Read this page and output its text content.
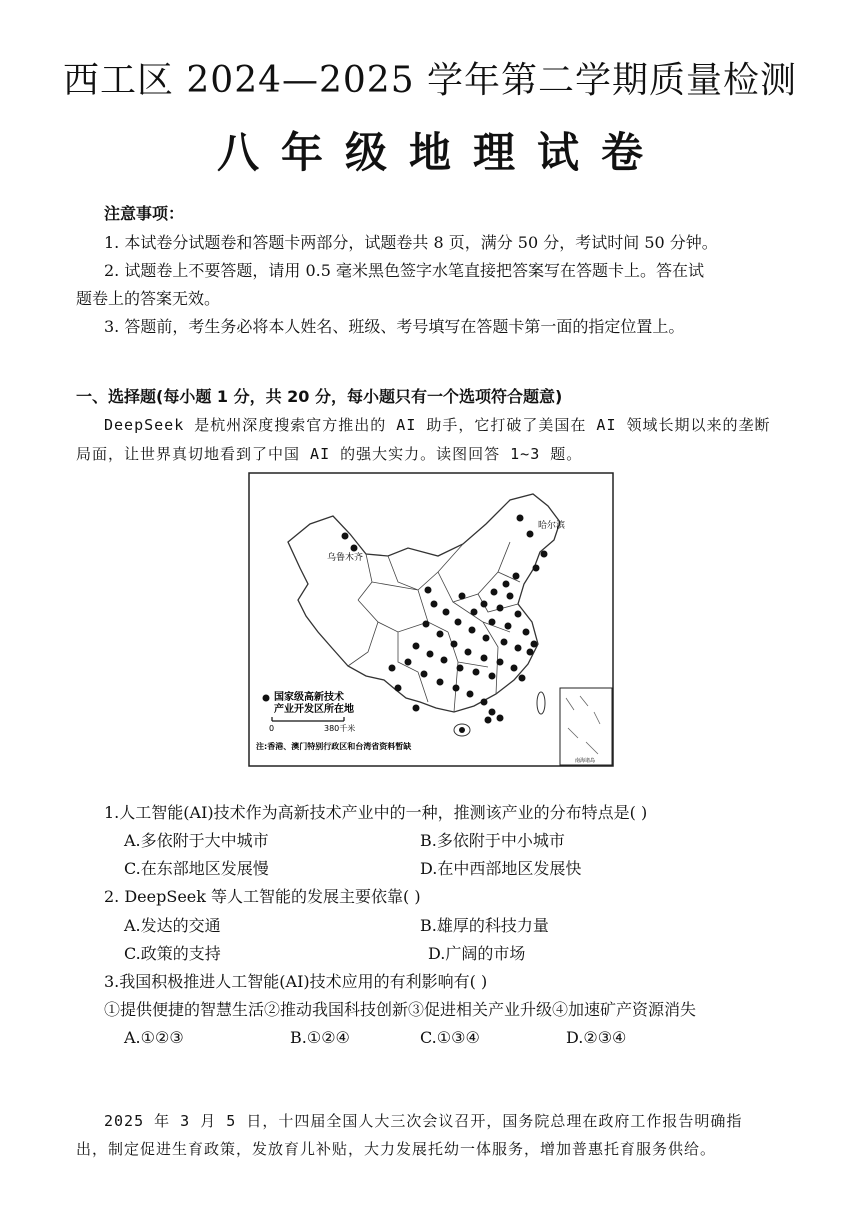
西工区 2024—2025 学年第二学期质量检测
八年级地理试卷
注意事项：
1. 本试卷分试题卷和答题卡两部分，试题卷共 8 页，满分 50 分，考试时间 50 分钟。
2. 试题卷上不要答题，请用 0.5 毫米黑色签字水笔直接把答案写在答题卡上。答在试
题卷上的答案无效。
3. 答题前，考生务必将本人姓名、班级、考号填写在答题卡第一面的指定位置上。
一、选择题(每小题 1 分，共 20 分，每小题只有一个选项符合题意)
DeepSeek 是杭州深度搜索官方推出的 AI 助手，它打破了美国在 AI 领域长期以来的垄断
局面，让世界真切地看到了中国 AI 的强大实力。读图回答 1~3 题。
南海诸岛
乌鲁木齐
哈尔滨
国家级高新技术
产业开发区所在地
0	380千米
注:香港、澳门特别行政区和台湾省资料暂缺
1.人工智能(AI)技术作为高新技术产业中的一种，推测该产业的分布特点是( )
A.多依附于大中城市	B.多依附于中小城市
C.在东部地区发展慢	D.在中西部地区发展快
2. DeepSeek 等人工智能的发展主要依靠( )
A.发达的交通	B.雄厚的科技力量
C.政策的支持	D.广阔的市场
3.我国积极推进人工智能(AI)技术应用的有利影响有( )
①提供便捷的智慧生活②推动我国科技创新③促进相关产业升级④加速矿产资源消失
A.①②③	B.①②④	C.①③④	D.②③④
2025 年 3 月 5 日，十四届全国人大三次会议召开，国务院总理在政府工作报告明确指
出，制定促进生育政策，发放育儿补贴，大力发展托幼一体服务，增加普惠托育服务供给。
